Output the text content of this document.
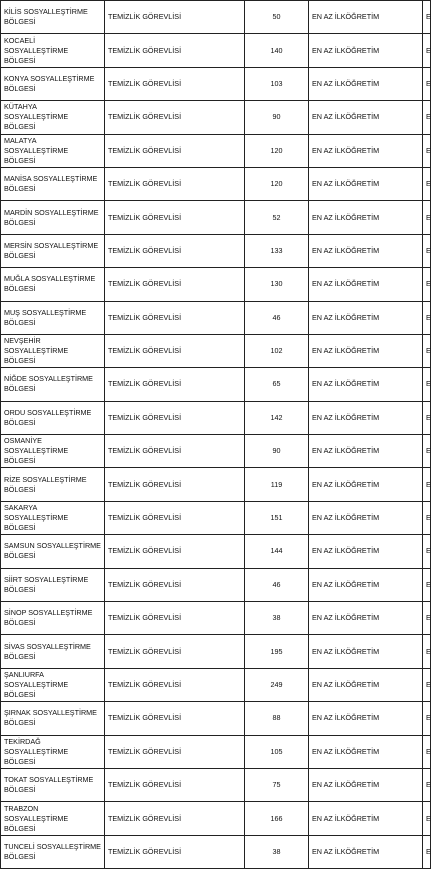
KİLİS SOSYALLEŞTİRME
BÖLGESİ	TEMİZLİK GÖREVLİSİ	50	EN AZ İLKÖĞRETİM	E

KOCAELİ SOSYALLEŞTİRME
BÖLGESİ	TEMİZLİK GÖREVLİSİ	140	EN AZ İLKÖĞRETİM	E

KONYA SOSYALLEŞTİRME
BÖLGESİ	TEMİZLİK GÖREVLİSİ	103	EN AZ İLKÖĞRETİM	E

KÜTAHYA SOSYALLEŞTİRME
BÖLGESİ	TEMİZLİK GÖREVLİSİ	90	EN AZ İLKÖĞRETİM	E

MALATYA SOSYALLEŞTİRME
BÖLGESİ	TEMİZLİK GÖREVLİSİ	120	EN AZ İLKÖĞRETİM	E

MANİSA SOSYALLEŞTİRME
BÖLGESİ	TEMİZLİK GÖREVLİSİ	120	EN AZ İLKÖĞRETİM	E

MARDİN SOSYALLEŞTİRME
BÖLGESİ	TEMİZLİK GÖREVLİSİ	52	EN AZ İLKÖĞRETİM	E

MERSİN SOSYALLEŞTİRME
BÖLGESİ	TEMİZLİK GÖREVLİSİ	133	EN AZ İLKÖĞRETİM	E

MUĞLA SOSYALLEŞTİRME
BÖLGESİ	TEMİZLİK GÖREVLİSİ	130	EN AZ İLKÖĞRETİM	E

MUŞ SOSYALLEŞTİRME
BÖLGESİ	TEMİZLİK GÖREVLİSİ	46	EN AZ İLKÖĞRETİM	E

NEVŞEHİR SOSYALLEŞTİRME
BÖLGESİ	TEMİZLİK GÖREVLİSİ	102	EN AZ İLKÖĞRETİM	E

NİĞDE SOSYALLEŞTİRME
BÖLGESİ	TEMİZLİK GÖREVLİSİ	65	EN AZ İLKÖĞRETİM	E

ORDU SOSYALLEŞTİRME
BÖLGESİ	TEMİZLİK GÖREVLİSİ	142	EN AZ İLKÖĞRETİM	E

OSMANİYE SOSYALLEŞTİRME
BÖLGESİ	TEMİZLİK GÖREVLİSİ	90	EN AZ İLKÖĞRETİM	E

RİZE SOSYALLEŞTİRME
BÖLGESİ	TEMİZLİK GÖREVLİSİ	119	EN AZ İLKÖĞRETİM	E

SAKARYA SOSYALLEŞTİRME
BÖLGESİ	TEMİZLİK GÖREVLİSİ	151	EN AZ İLKÖĞRETİM	E

SAMSUN SOSYALLEŞTİRME
BÖLGESİ	TEMİZLİK GÖREVLİSİ	144	EN AZ İLKÖĞRETİM	E

SİİRT SOSYALLEŞTİRME
BÖLGESİ	TEMİZLİK GÖREVLİSİ	46	EN AZ İLKÖĞRETİM	E

SİNOP SOSYALLEŞTİRME
BÖLGESİ	TEMİZLİK GÖREVLİSİ	38	EN AZ İLKÖĞRETİM	E

SİVAS SOSYALLEŞTİRME
BÖLGESİ	TEMİZLİK GÖREVLİSİ	195	EN AZ İLKÖĞRETİM	E

ŞANLIURFA
SOSYALLEŞTİRME BÖLGESİ	TEMİZLİK GÖREVLİSİ	249	EN AZ İLKÖĞRETİM	E

ŞIRNAK SOSYALLEŞTİRME
BÖLGESİ	TEMİZLİK GÖREVLİSİ	88	EN AZ İLKÖĞRETİM	E

TEKİRDAĞ SOSYALLEŞTİRME
BÖLGESİ	TEMİZLİK GÖREVLİSİ	105	EN AZ İLKÖĞRETİM	E

TOKAT SOSYALLEŞTİRME
BÖLGESİ	TEMİZLİK GÖREVLİSİ	75	EN AZ İLKÖĞRETİM	E

TRABZON SOSYALLEŞTİRME
BÖLGESİ	TEMİZLİK GÖREVLİSİ	166	EN AZ İLKÖĞRETİM	E

TUNCELİ SOSYALLEŞTİRME
BÖLGESİ	TEMİZLİK GÖREVLİSİ	38	EN AZ İLKÖĞRETİM	E
